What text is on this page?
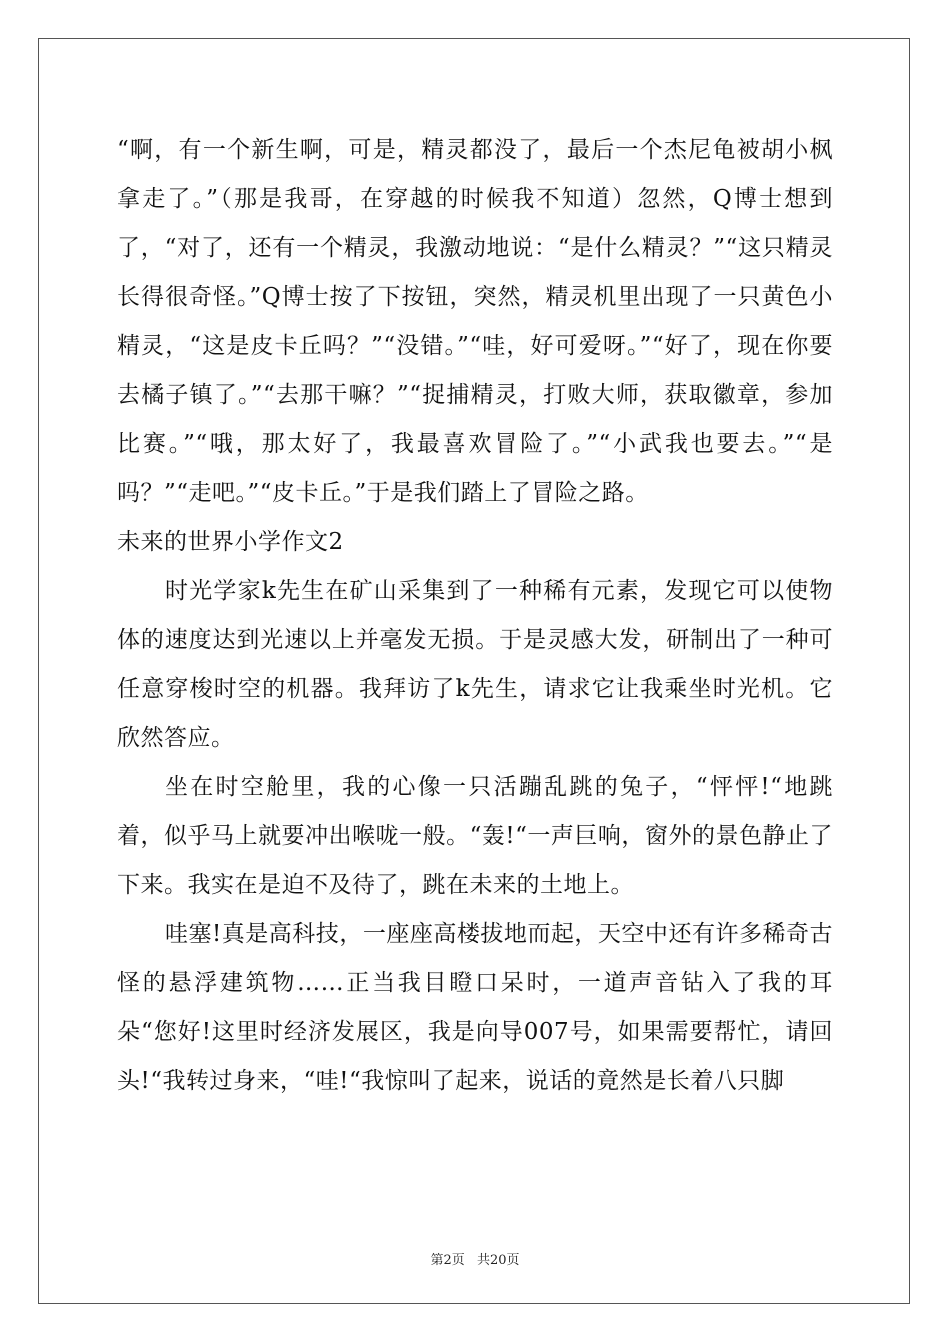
“啊，有一个新生啊，可是，精灵都没了，最后一个杰尼龟被胡小枫拿走了。”（那是我哥，在穿越的时候我不知道）忽然，Q博士想到了，“对了，还有一个精灵，我激动地说：“是什么精灵？”“这只精灵长得很奇怪。”Q博士按了下按钮，突然，精灵机里出现了一只黄色小精灵，“这是皮卡丘吗？”“没错。”“哇，好可爱呀。”“好了，现在你要去橘子镇了。”“去那干嘛？”“捉捕精灵，打败大师，获取徽章，参加比赛。”“哦，那太好了，我最喜欢冒险了。”“小武我也要去。”“是吗？”“走吧。”“皮卡丘。”于是我们踏上了冒险之路。

未来的世界小学作文2

时光学家k先生在矿山采集到了一种稀有元素，发现它可以使物体的速度达到光速以上并毫发无损。于是灵感大发，研制出了一种可任意穿梭时空的机器。我拜访了k先生，请求它让我乘坐时光机。它欣然答应。

坐在时空舱里，我的心像一只活蹦乱跳的兔子，“怦怦!“地跳着，似乎马上就要冲出喉咙一般。“轰!“一声巨响，窗外的景色静止了下来。我实在是迫不及待了，跳在未来的土地上。

哇塞!真是高科技，一座座高楼拔地而起，天空中还有许多稀奇古怪的悬浮建筑物……正当我目瞪口呆时，一道声音钻入了我的耳朵“您好!这里时经济发展区，我是向导007号，如果需要帮忙，请回头!“我转过身来，“哇!“我惊叫了起来，说话的竟然是长着八只脚

第2页 共20页
